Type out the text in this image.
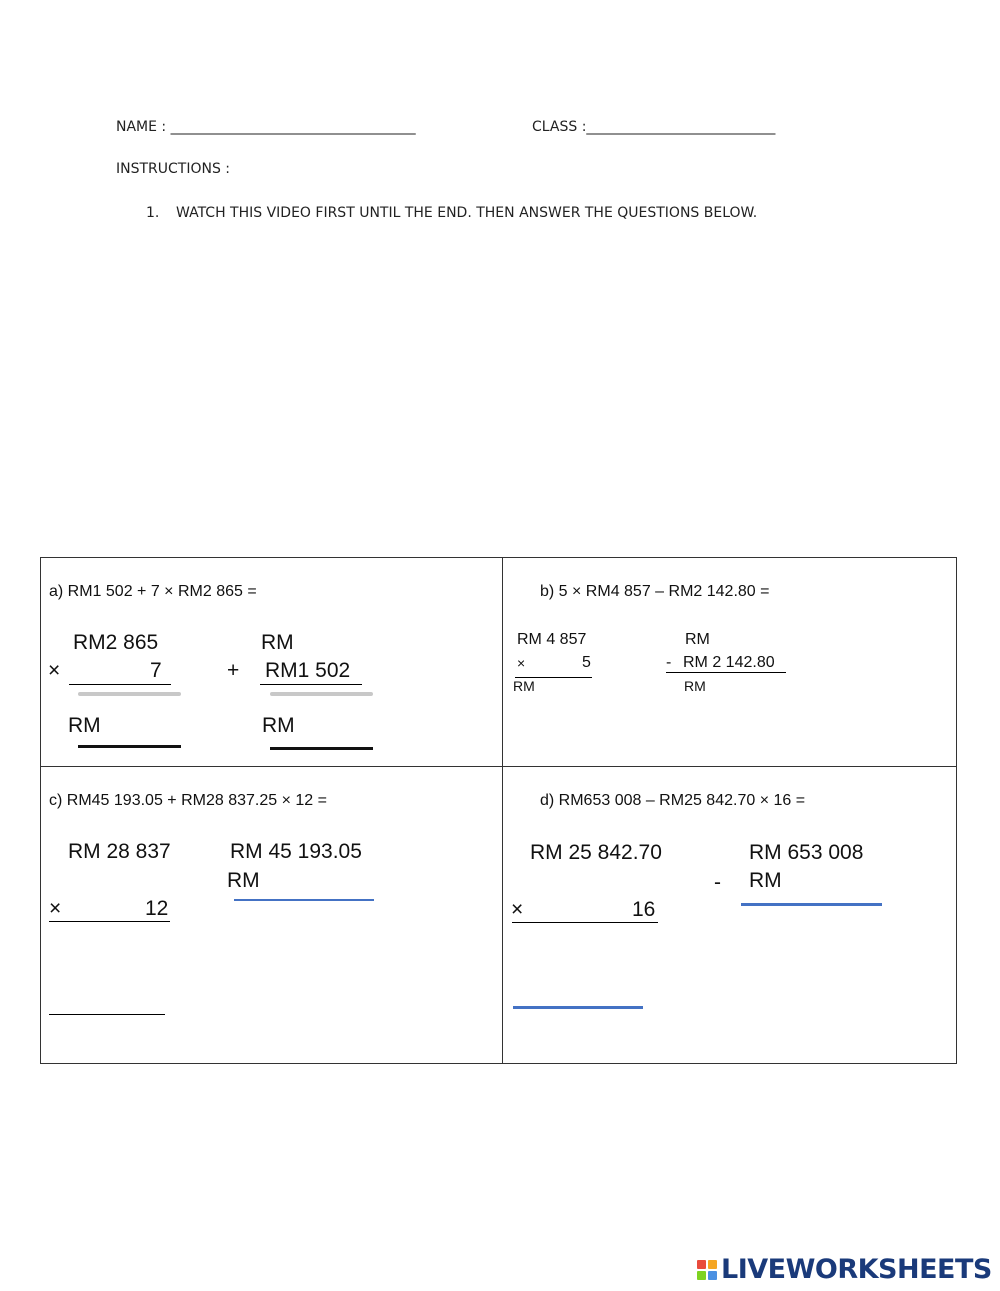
NAME : ___________________________________	CLASS :___________________________
INSTRUCTIONS :
1. WATCH THIS VIDEO FIRST UNTIL THE END. THEN ANSWER THE QUESTIONS BELOW.
a) RM1 502 + 7 × RM2 865 =
RM2 865
×	7
RM
RM
+ RM1 502
RM
b) 5 × RM4 857 – RM2 142.80 =
RM 4 857
×	5
RM
RM
- RM 2 142.80
RM
c) RM45 193.05 + RM28 837.25 × 12 =
RM 28 837
×	12
RM 45 193.05
RM
d) RM653 008 – RM25 842.70 × 16 =
RM 25 842.70
×	16
RM 653 008
- RM
LIVEWORKSHEETS
